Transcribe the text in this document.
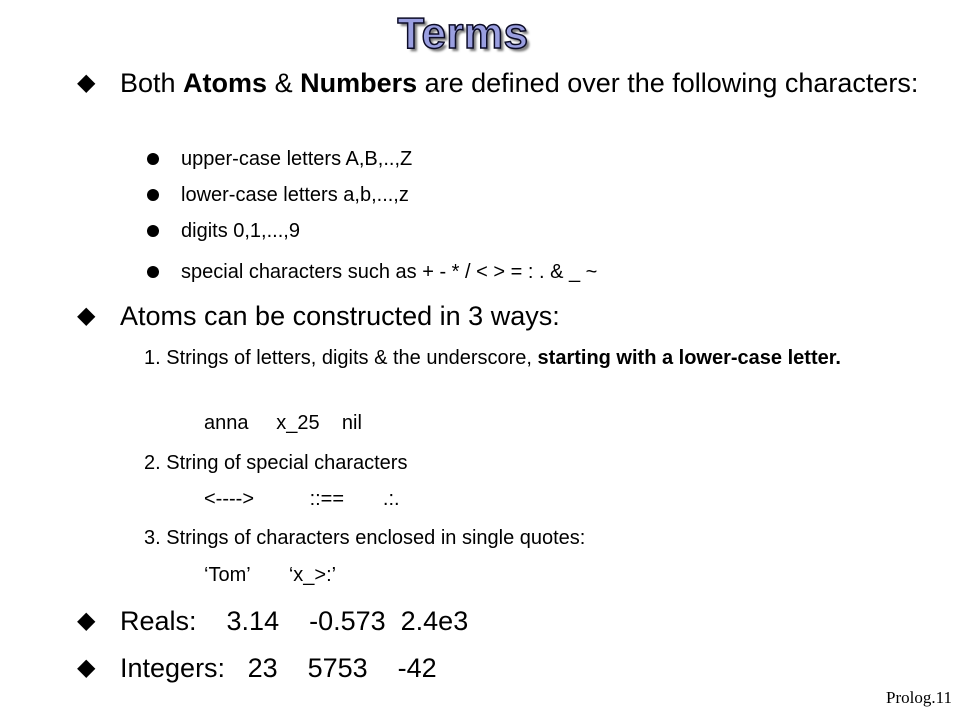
Terms
◆ Both Atoms & Numbers are defined over the following characters:
upper-case letters A,B,..,Z
lower-case letters a,b,...,z
digits 0,1,...,9
special characters such as + - * / < > = : . & _ ~
◆ Atoms can be constructed in 3 ways:
1. Strings of letters, digits & the underscore, starting with a lower-case letter.
anna     x_25    nil
2. String of special characters
<---->          ::==       .:.
3. Strings of characters enclosed in single quotes:
‘Tom’       ‘x_>:’
◆ Reals:    3.14    -0.573  2.4e3
◆ Integers:   23    5753    -42
Prolog.11
